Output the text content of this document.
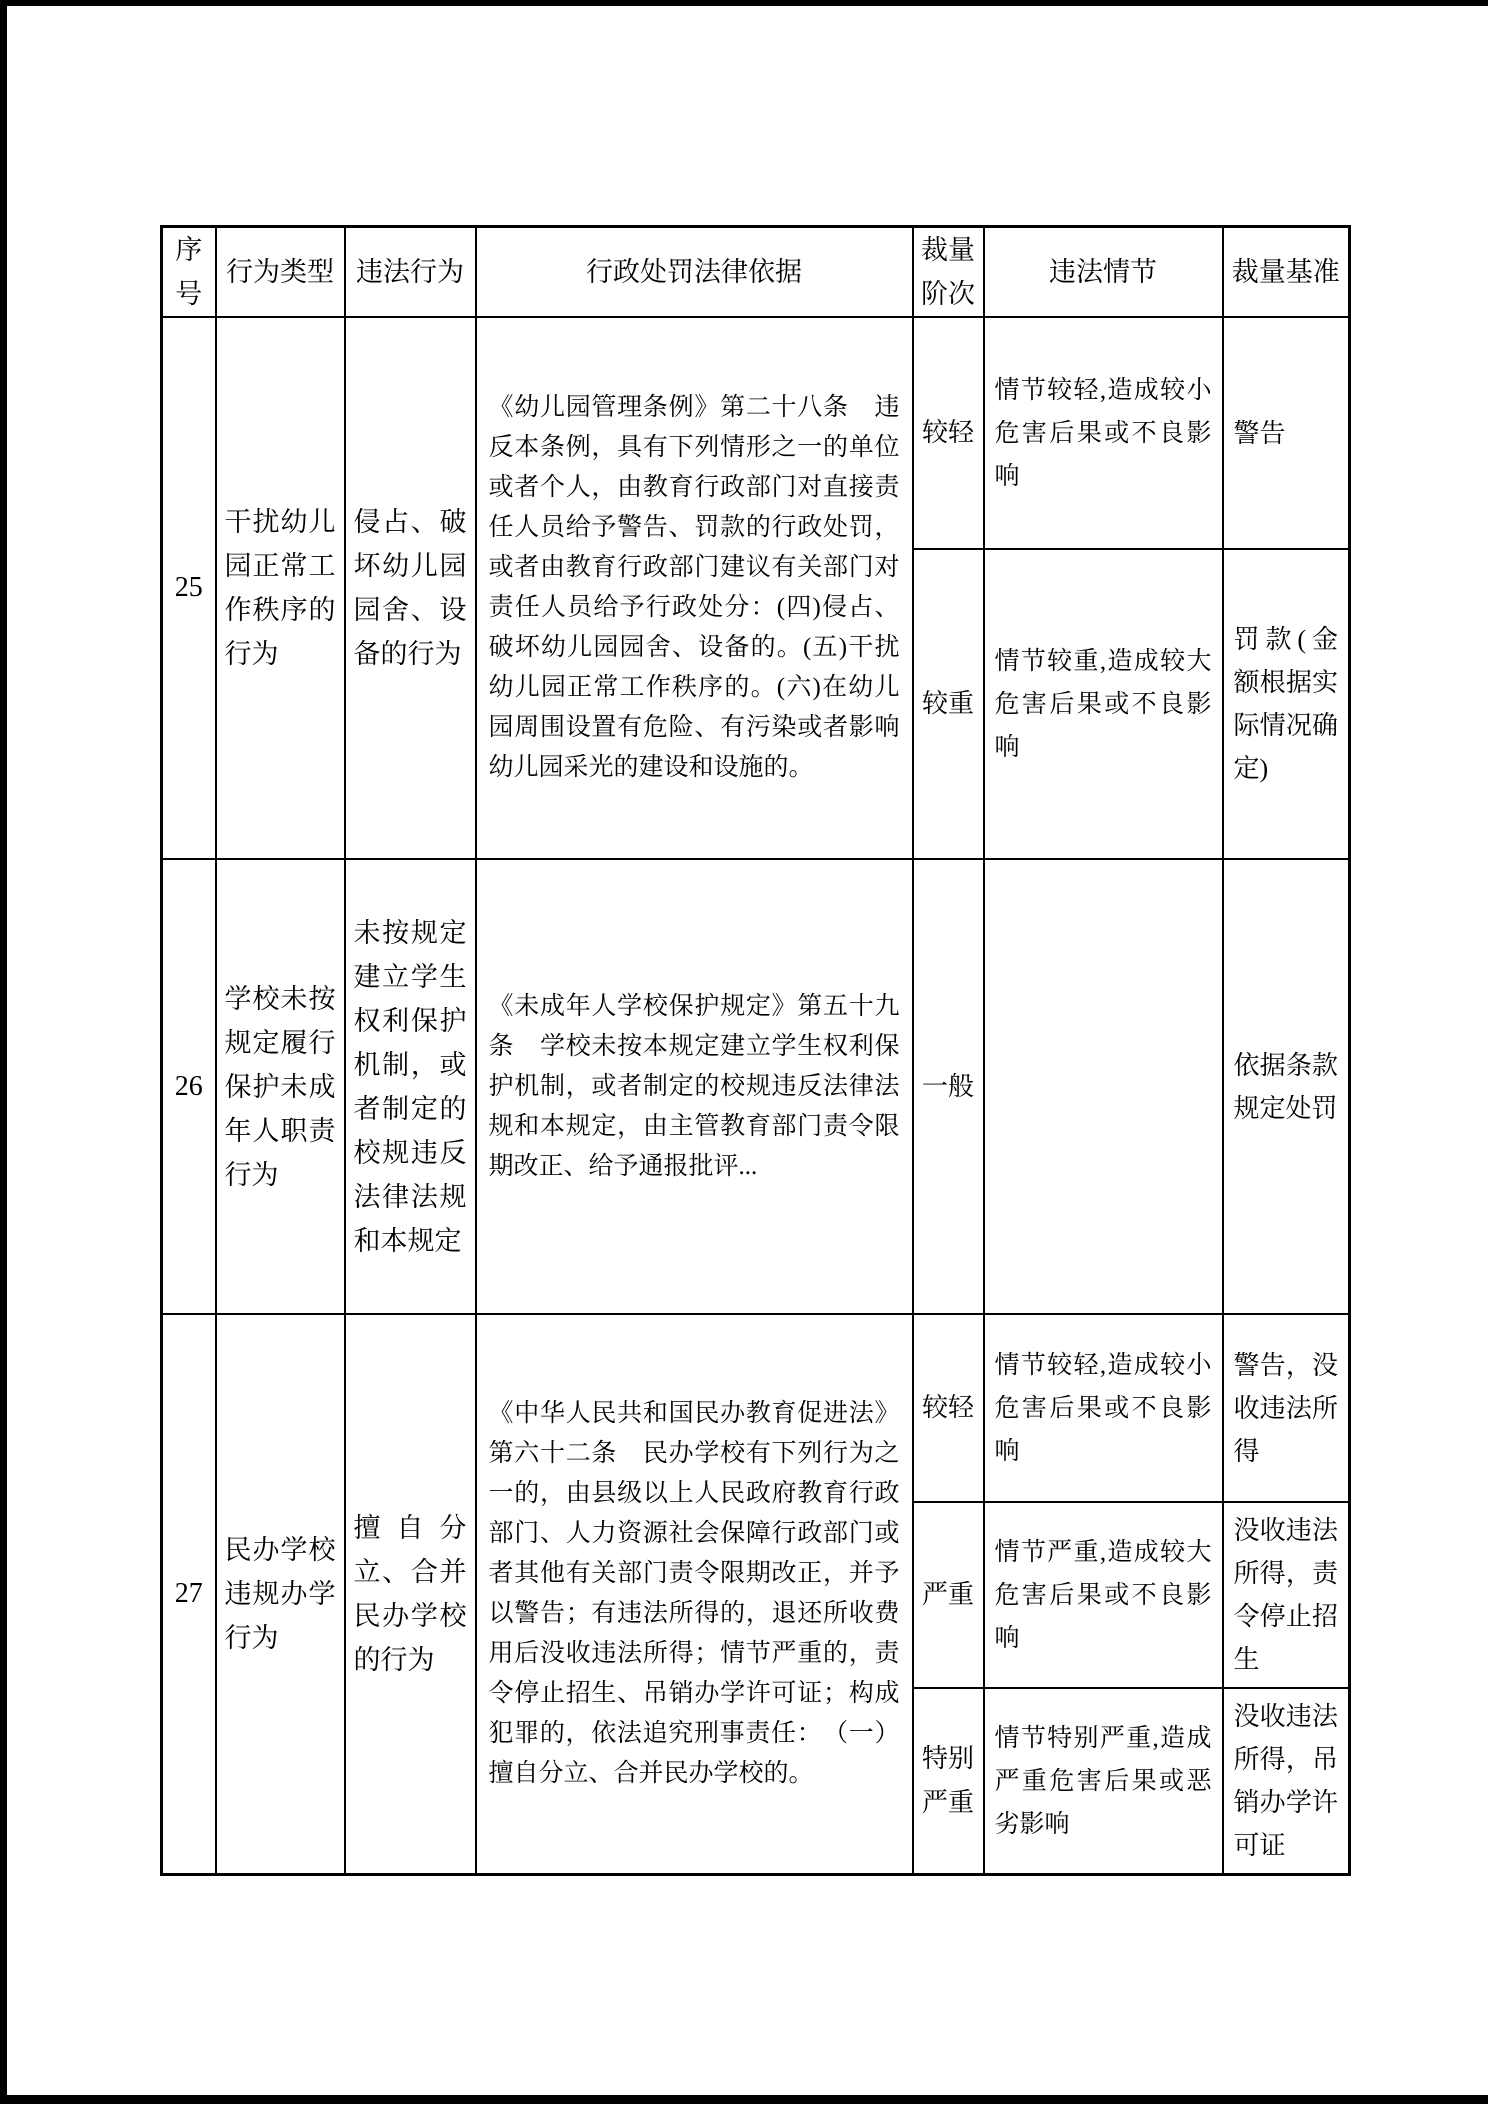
序号	行为类型	违法行为	行政处罚法律依据	裁量阶次	违法情节	裁量基准
25	干扰幼儿园正常工作秩序的行为	侵占、破坏幼儿园园舍、设备的行为	《幼儿园管理条例》第二十八条　违反本条例，具有下列情形之一的单位或者个人，由教育行政部门对直接责任人员给予警告、罚款的行政处罚，或者由教育行政部门建议有关部门对责任人员给予行政处分：(四)侵占、破坏幼儿园园舍、设备的。(五)干扰幼儿园正常工作秩序的。(六)在幼儿园周围设置有危险、有污染或者影响幼儿园采光的建设和设施的。	较轻	情节较轻,造成较小危害后果或不良影响	警告
				较重	情节较重,造成较大危害后果或不良影响	罚款(金额根据实际情况确定)
26	学校未按规定履行保护未成年人职责行为	未按规定建立学生权利保护机制，或者制定的校规违反法律法规和本规定	《未成年人学校保护规定》第五十九条　学校未按本规定建立学生权利保护机制，或者制定的校规违反法律法规和本规定，由主管教育部门责令限期改正、给予通报批评...	一般		依据条款规定处罚
27	民办学校违规办学行为	擅自分立、合并民办学校的行为	《中华人民共和国民办教育促进法》第六十二条　民办学校有下列行为之一的，由县级以上人民政府教育行政部门、人力资源社会保障行政部门或者其他有关部门责令限期改正，并予以警告；有违法所得的，退还所收费用后没收违法所得；情节严重的，责令停止招生、吊销办学许可证；构成犯罪的，依法追究刑事责任：　（一）擅自分立、合并民办学校的。	较轻	情节较轻,造成较小危害后果或不良影响	警告，没收违法所得
				严重	情节严重,造成较大危害后果或不良影响	没收违法所得，责令停止招生
				特别严重	情节特别严重,造成严重危害后果或恶劣影响	没收违法所得，吊销办学许可证
